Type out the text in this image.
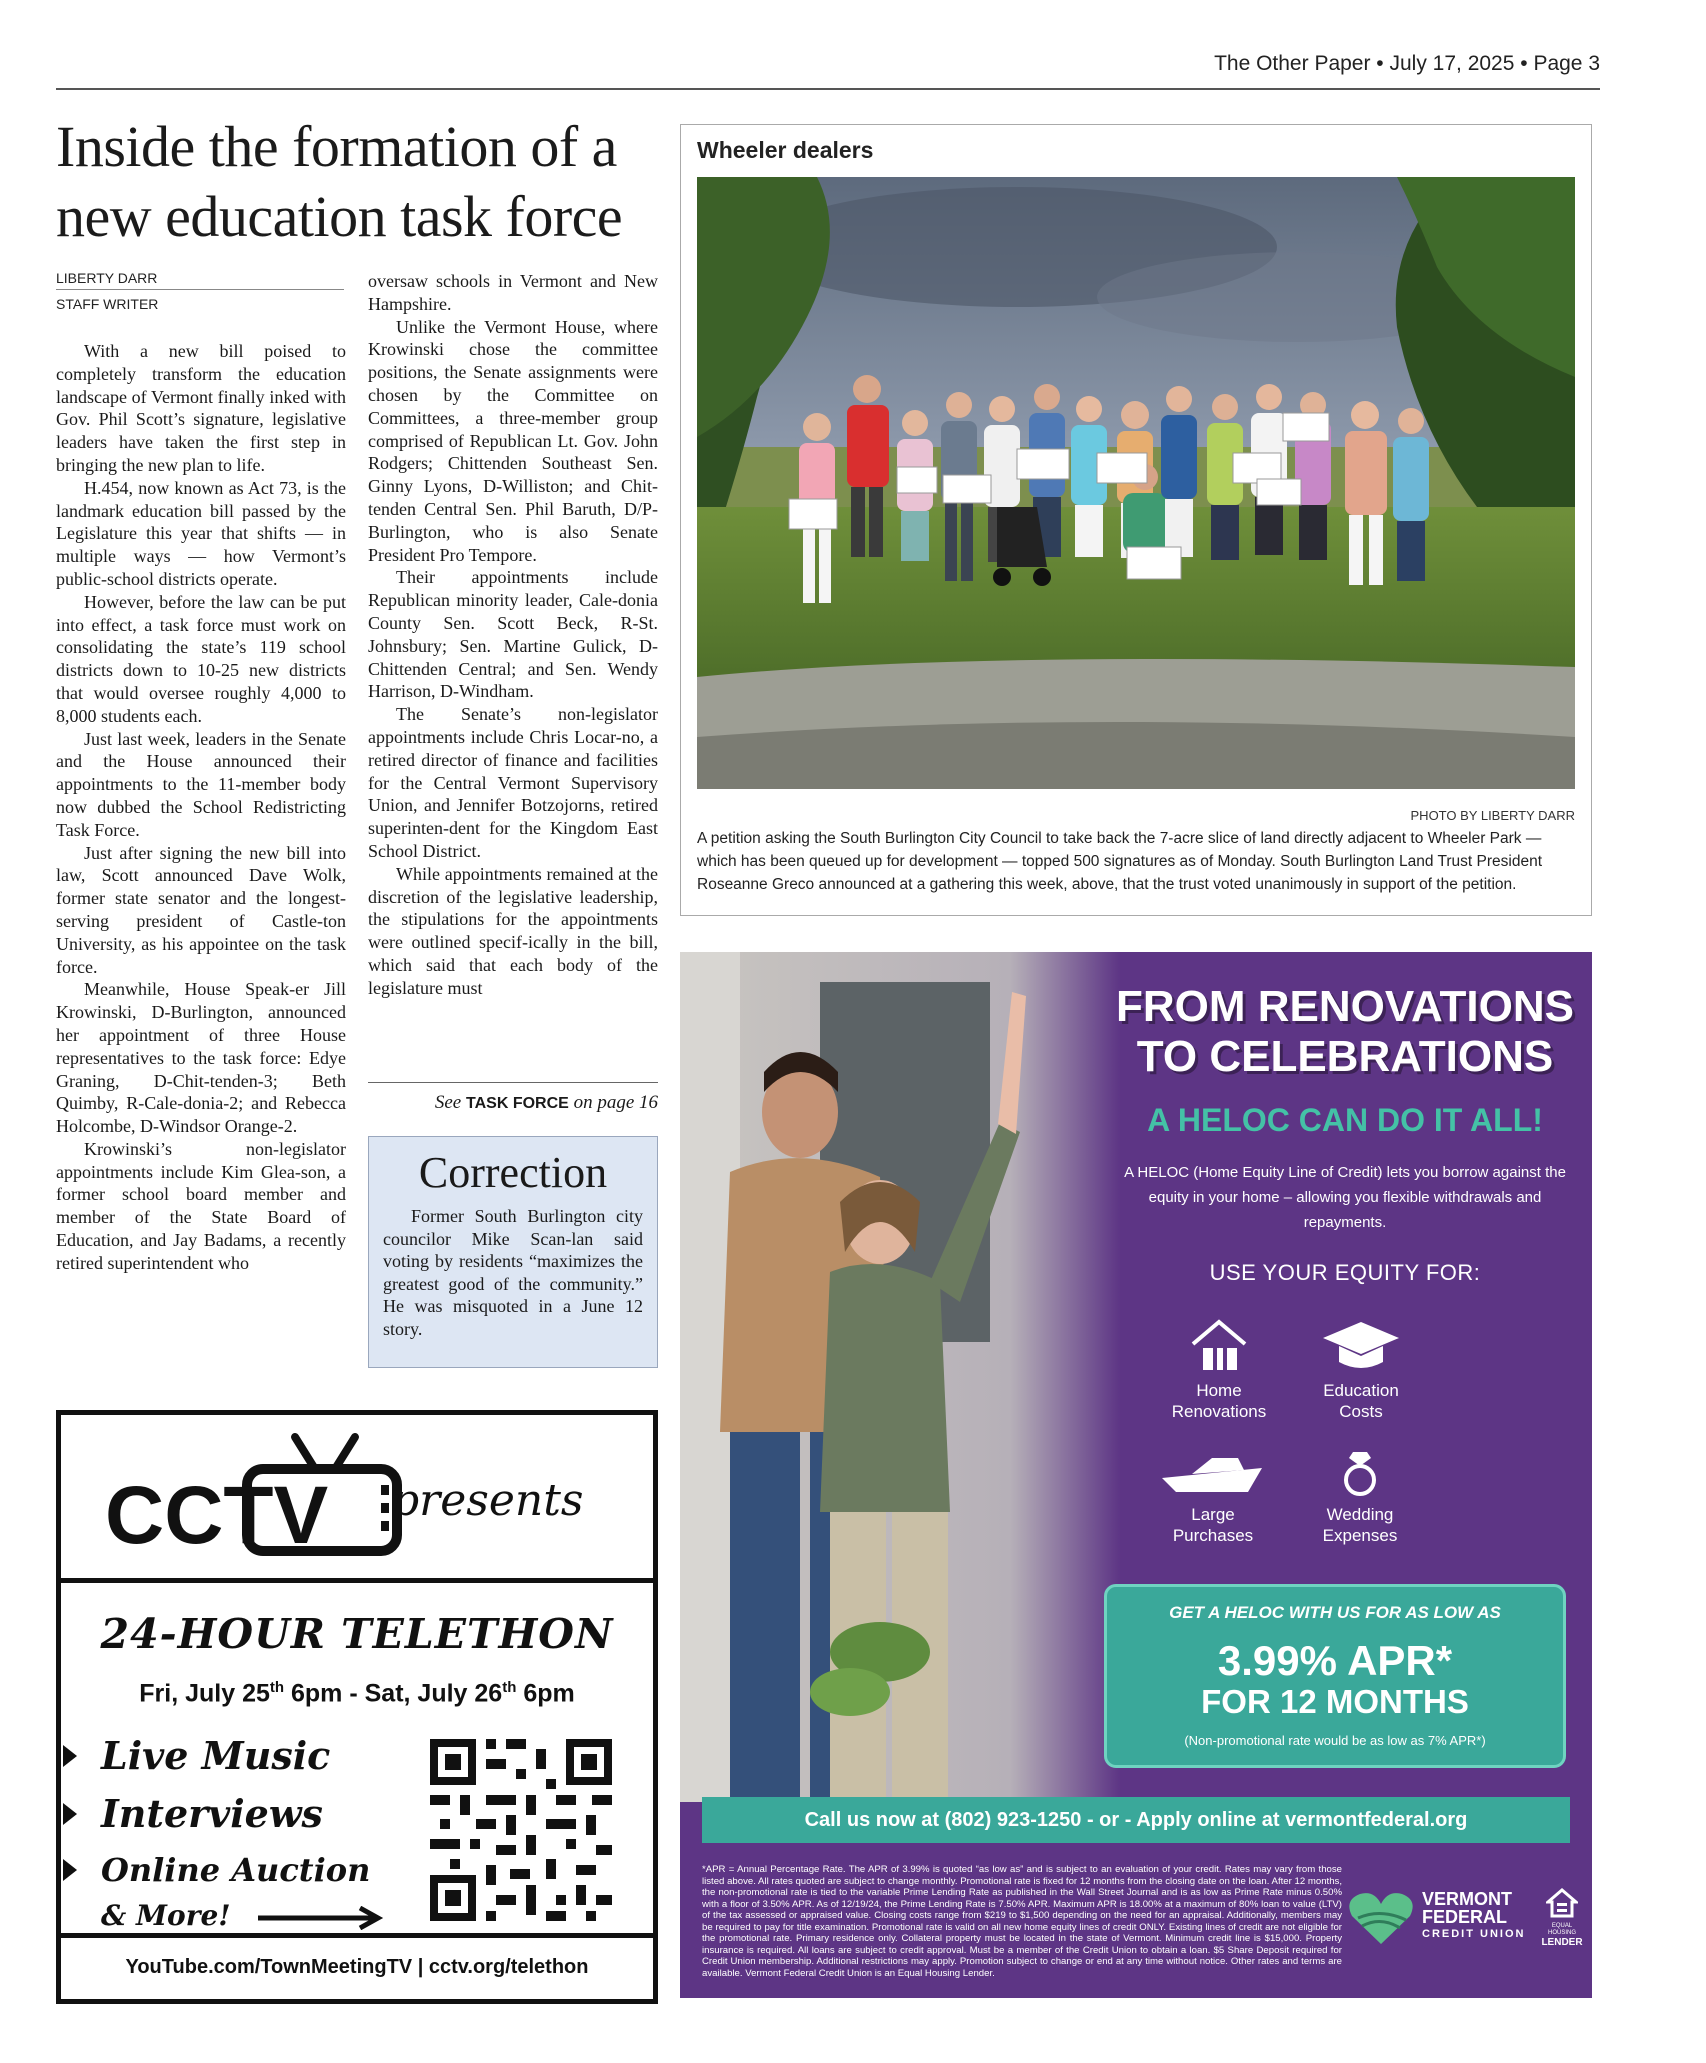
The Other Paper • July 17, 2025 • Page 3
Inside the formation of a new education task force
LIBERTY DARR
STAFF WRITER

With a new bill poised to completely transform the education landscape of Vermont finally inked with Gov. Phil Scott’s signature, legislative leaders have taken the first step in bringing the new plan to life.

H.454, now known as Act 73, is the landmark education bill passed by the Legislature this year that shifts — in multiple ways — how Vermont’s public-school districts operate.

However, before the law can be put into effect, a task force must work on consolidating the state’s 119 school districts down to 10-25 new districts that would oversee roughly 4,000 to 8,000 students each.

Just last week, leaders in the Senate and the House announced their appointments to the 11-member body now dubbed the School Redistricting Task Force.

Just after signing the new bill into law, Scott announced Dave Wolk, former state senator and the longest-serving president of Castle-ton University, as his appointee on the task force.

Meanwhile, House Speak-er Jill Krowinski, D-Burlington, announced her appointment of three House representatives to the task force: Edye Graning, D-Chit-tenden-3; Beth Quimby, R-Cale-donia-2; and Rebecca Holcombe, D-Windsor Orange-2.

Krowinski’s non-legislator appointments include Kim Glea-son, a former school board member and member of the State Board of Education, and Jay Badams, a recently retired superintendent who

oversaw schools in Vermont and New Hampshire.

Unlike the Vermont House, where Krowinski chose the committee positions, the Senate assignments were chosen by the Committee on Committees, a three-member group comprised of Republican Lt. Gov. John Rodgers; Chittenden Southeast Sen. Ginny Lyons, D-Williston; and Chit-tenden Central Sen. Phil Baruth, D/P-Burlington, who is also Senate President Pro Tempore.

Their appointments include Republican minority leader, Cale-donia County Sen. Scott Beck, R-St. Johnsbury; Sen. Martine Gulick, D-Chittenden Central; and Sen. Wendy Harrison, D-Windham.

The Senate’s non-legislator appointments include Chris Locar-no, a retired director of finance and facilities for the Central Vermont Supervisory Union, and Jennifer Botzojorns, retired superinten-dent for the Kingdom East School District.

While appointments remained at the discretion of the legislative leadership, the stipulations for the appointments were outlined specif-ically in the bill, which said that each body of the legislature must

See TASK FORCE on page 16
Correction

Former South Burlington city councilor Mike Scan-lan said voting by residents “maximizes the greatest good of the community.” He was misquoted in a June 12 story.

Wheeler dealers
PHOTO BY LIBERTY DARR
A petition asking the South Burlington City Council to take back the 7-acre slice of land directly adjacent to Wheeler Park — which has been queued up for development — topped 500 signatures as of Monday. South Burlington Land Trust President Roseanne Greco announced at a gathering this week, above, that the trust voted unanimously in support of the petition.
FROM RENOVATIONS
TO CELEBRATIONS
A HELOC CAN DO IT ALL!
A HELOC (Home Equity Line of Credit) lets you borrow against the equity in your home – allowing you flexible withdrawals and repayments.
USE YOUR EQUITY FOR:
Home
Renovations
Education
Costs
Large
Purchases
Wedding
Expenses
GET A HELOC WITH US FOR AS LOW AS
3.99% APR*
FOR 12 MONTHS
(Non-promotional rate would be as low as 7% APR*)
Call us now at (802) 923-1250 - or - Apply online at vermontfederal.org
*APR = Annual Percentage Rate. The APR of 3.99% is quoted “as low as” and is subject to an evaluation of your credit. Rates may vary from those listed above. All rates quoted are subject to change monthly. Promotional rate is fixed for 12 months from the closing date on the loan. After 12 months, the non-promotional rate is tied to the variable Prime Lending Rate as published in the Wall Street Journal and is as low as Prime Rate minus 0.50% with a floor of 3.50% APR. As of 12/19/24, the Prime Lending Rate is 7.50% APR. Maximum APR is 18.00% at a maximum of 80% loan to value (LTV) of the tax assessed or appraised value. Closing costs range from $219 to $1,500 depending on the need for an appraisal. Additionally, members may be required to pay for title examination. Promotional rate is valid on all new home equity lines of credit ONLY. Existing lines of credit are not eligible for the promotional rate. Primary residence only. Collateral property must be located in the state of Vermont. Minimum credit line is $15,000. Property insurance is required. All loans are subject to credit approval. Must be a member of the Credit Union to obtain a loan. $5 Share Deposit required for Credit Union membership. Additional restrictions may apply. Promotion subject to change or end at any time without notice. Other rates and terms are available. Vermont Federal Credit Union is an Equal Housing Lender.
VERMONT
FEDERAL
CREDIT UNION
EQUAL HOUSING
LENDER
CCTV presents
24-HOUR TELETHON
Fri, July 25th 6pm - Sat, July 26th 6pm
Live Music
Interviews
Online Auction
& More!
YouTube.com/TownMeetingTV | cctv.org/telethon
